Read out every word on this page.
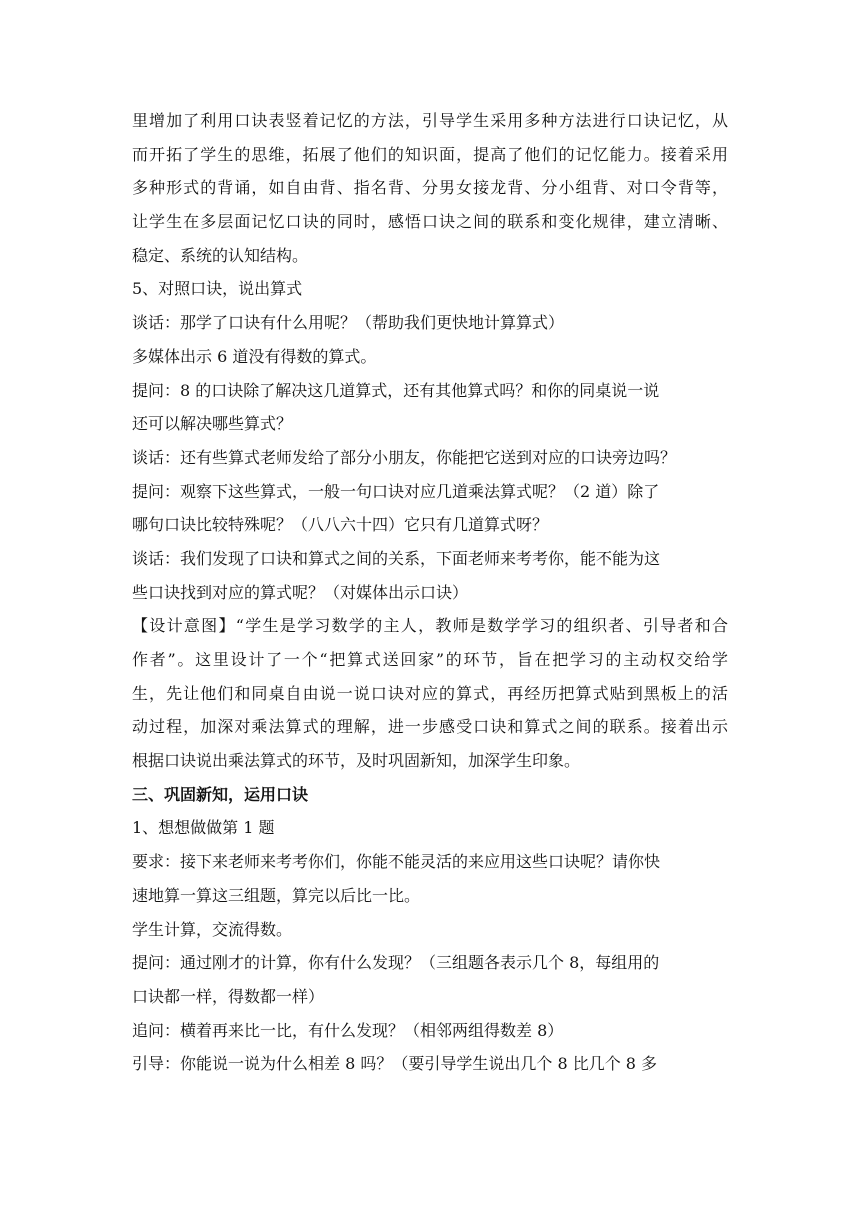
里增加了利用口诀表竖着记忆的方法，引导学生采用多种方法进行口诀记忆，从
而开拓了学生的思维，拓展了他们的知识面，提高了他们的记忆能力。接着采用
多种形式的背诵，如自由背、指名背、分男女接龙背、分小组背、对口令背等，
让学生在多层面记忆口诀的同时，感悟口诀之间的联系和变化规律，建立清晰、
稳定、系统的认知结构。
5、对照口诀，说出算式
谈话：那学了口诀有什么用呢？（帮助我们更快地计算算式）
多媒体出示 6 道没有得数的算式。
提问：8 的口诀除了解决这几道算式，还有其他算式吗？和你的同桌说一说
还可以解决哪些算式？
谈话：还有些算式老师发给了部分小朋友，你能把它送到对应的口诀旁边吗？
提问：观察下这些算式，一般一句口诀对应几道乘法算式呢？（2 道）除了
哪句口诀比较特殊呢？（八八六十四）它只有几道算式呀？
谈话：我们发现了口诀和算式之间的关系，下面老师来考考你，能不能为这
些口诀找到对应的算式呢？（对媒体出示口诀）
【设计意图】“学生是学习数学的主人，教师是数学学习的组织者、引导者和合
作者”。这里设计了一个“把算式送回家”的环节，旨在把学习的主动权交给学
生，先让他们和同桌自由说一说口诀对应的算式，再经历把算式贴到黑板上的活
动过程，加深对乘法算式的理解，进一步感受口诀和算式之间的联系。接着出示
根据口诀说出乘法算式的环节，及时巩固新知，加深学生印象。
三、巩固新知，运用口诀
1、想想做做第 1 题
要求：接下来老师来考考你们，你能不能灵活的来应用这些口诀呢？请你快
速地算一算这三组题，算完以后比一比。
学生计算，交流得数。
提问：通过刚才的计算，你有什么发现？（三组题各表示几个 8，每组用的
口诀都一样，得数都一样）
追问：横着再来比一比，有什么发现？（相邻两组得数差 8）
引导：你能说一说为什么相差 8 吗？（要引导学生说出几个 8 比几个 8 多
